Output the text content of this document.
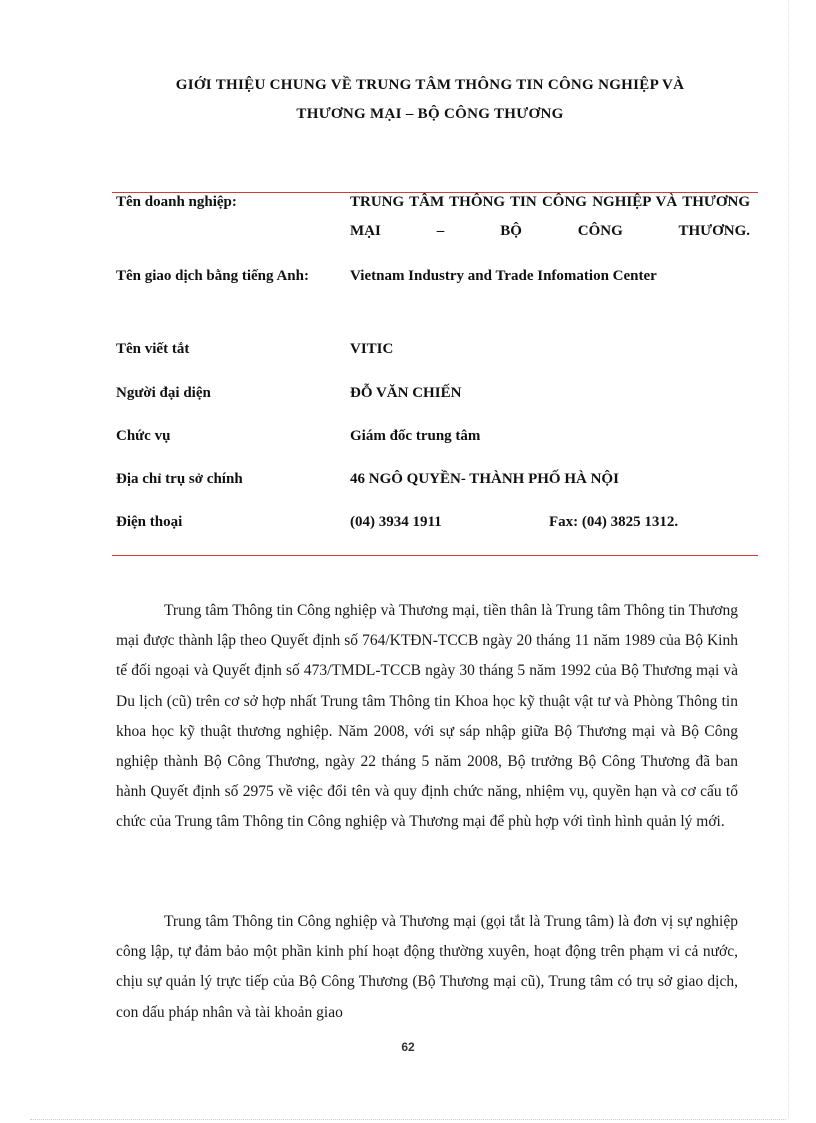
GIỚI THIỆU CHUNG VỀ TRUNG TÂM THÔNG TIN CÔNG NGHIỆP VÀ
THƯƠNG MẠI – BỘ CÔNG THƯƠNG
Tên doanh nghiệp:	TRUNG TÂM THÔNG TIN CÔNG NGHIỆP VÀ THƯƠNG MẠI – BỘ CÔNG THƯƠNG.
Tên giao dịch bằng tiếng Anh:	Vietnam Industry and Trade Infomation Center
Tên viết tắt	VITIC
Người đại diện	ĐỖ VĂN CHIẾN
Chức vụ	Giám đốc trung tâm
Địa chỉ trụ sở chính	46 NGÔ QUYỀN- THÀNH PHỐ HÀ NỘI
Điện thoại	(04) 3934 1911	Fax: (04) 3825 1312.

Trung tâm Thông tin Công nghiệp và Thương mại, tiền thân là Trung tâm Thông tin Thương mại được thành lập theo Quyết định số 764/KTĐN-TCCB ngày 20 tháng 11 năm 1989 của Bộ Kinh tế đối ngoại và Quyết định số 473/TMDL-TCCB ngày 30 tháng 5 năm 1992 của Bộ Thương mại và Du lịch (cũ) trên cơ sở hợp nhất Trung tâm Thông tin Khoa học kỹ thuật vật tư và Phòng Thông tin khoa học kỹ thuật thương nghiệp. Năm 2008, với sự sáp nhập giữa Bộ Thương mại và Bộ Công nghiệp thành Bộ Công Thương, ngày 22 tháng 5 năm 2008, Bộ trưởng Bộ Công Thương đã ban hành Quyết định số 2975 về việc đổi tên và quy định chức năng, nhiệm vụ, quyền hạn và cơ cấu tổ chức của Trung tâm Thông tin Công nghiệp và Thương mại để phù hợp với tình hình quản lý mới.

Trung tâm Thông tin Công nghiệp và Thương mại (gọi tắt là Trung tâm) là đơn vị sự nghiệp công lập, tự đảm bảo một phần kinh phí hoạt động thường xuyên, hoạt động trên phạm vi cả nước, chịu sự quản lý trực tiếp của Bộ Công Thương (Bộ Thương mại cũ), Trung tâm có trụ sở giao dịch, con dấu pháp nhân và tài khoản giao

62
